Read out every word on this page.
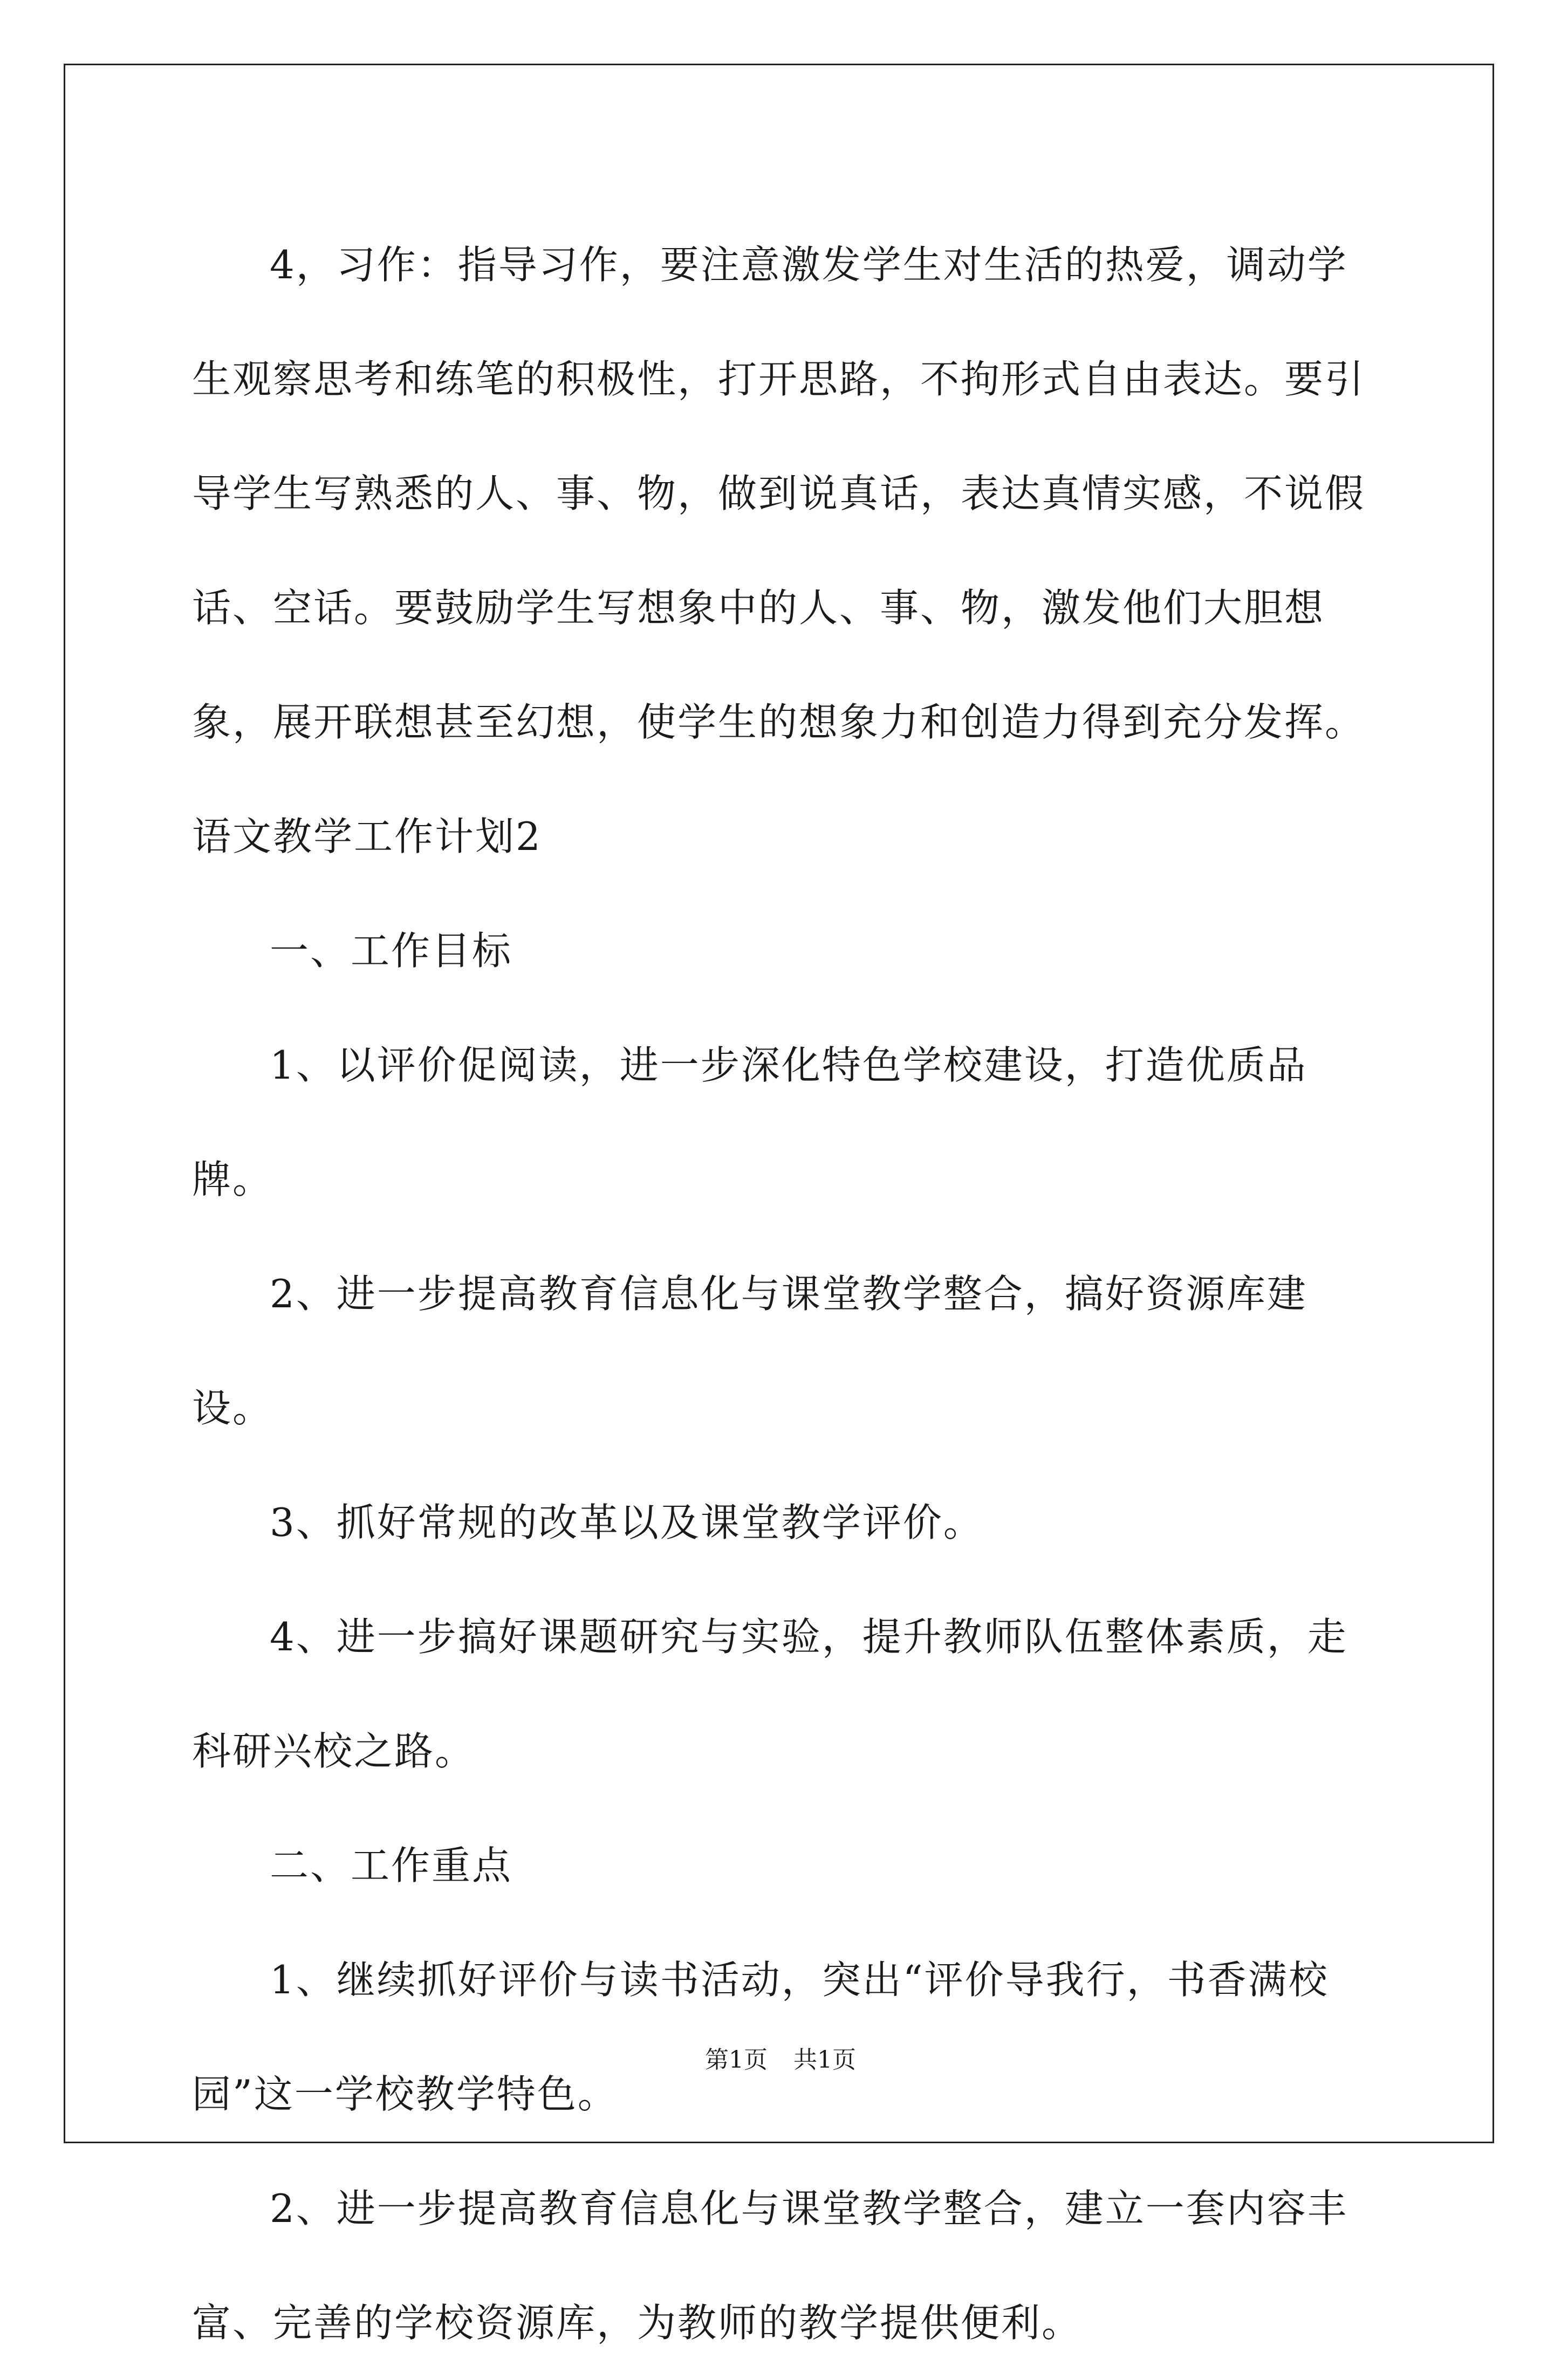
4，习作：指导习作，要注意激发学生对生活的热爱，调动学生观察思考和练笔的积极性，打开思路，不拘形式自由表达。要引导学生写熟悉的人、事、物，做到说真话，表达真情实感，不说假话、空话。要鼓励学生写想象中的人、事、物，激发他们大胆想象，展开联想甚至幻想，使学生的想象力和创造力得到充分发挥。

语文教学工作计划2

一、工作目标

1、以评价促阅读，进一步深化特色学校建设，打造优质品牌。

2、进一步提高教育信息化与课堂教学整合，搞好资源库建设。

3、抓好常规的改革以及课堂教学评价。

4、进一步搞好课题研究与实验，提升教师队伍整体素质，走科研兴校之路。

二、工作重点

1、继续抓好评价与读书活动，突出“评价导我行，书香满校园”这一学校教学特色。

2、进一步提高教育信息化与课堂教学整合，建立一套内容丰富、完善的学校资源库，为教师的教学提供便利。

第1页 共1页
